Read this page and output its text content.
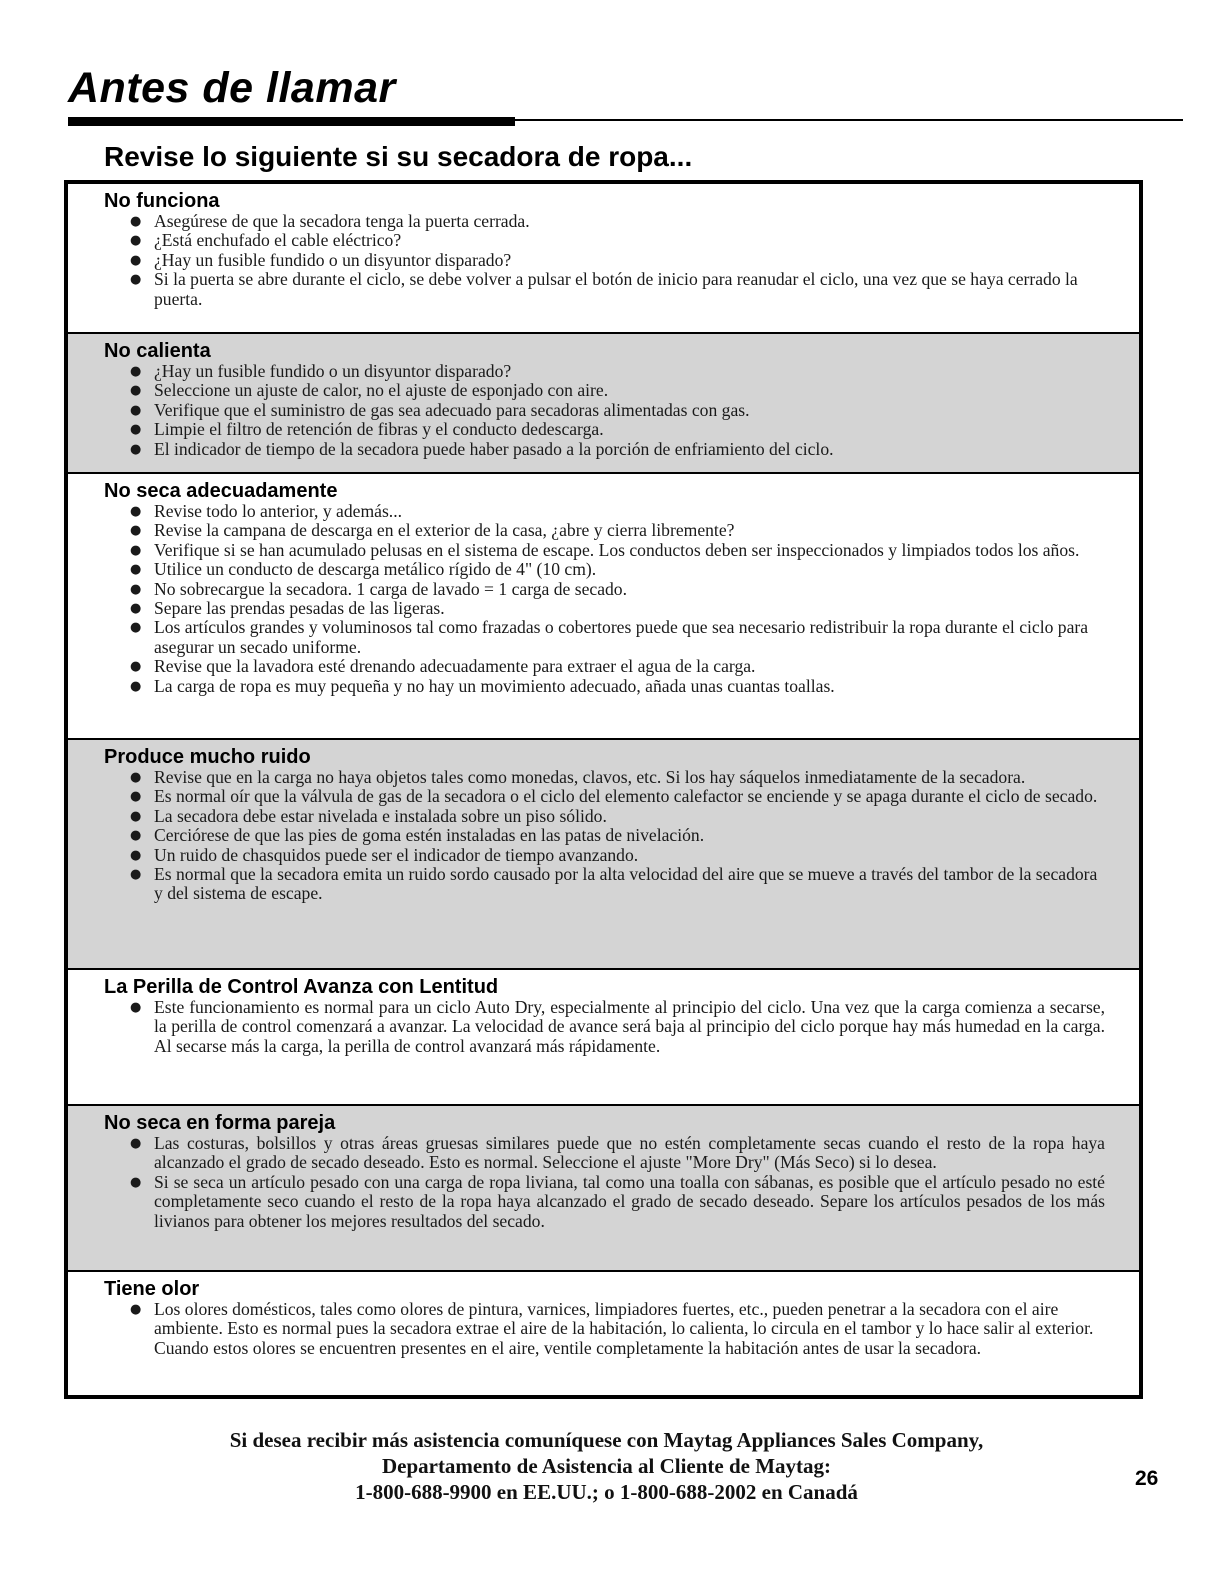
Antes de llamar
Revise lo siguiente si su secadora de ropa...
No funciona
● Asegúrese de que la secadora tenga la puerta cerrada.
● ¿Está enchufado el cable eléctrico?
● ¿Hay un fusible fundido o un disyuntor disparado?
● Si la puerta se abre durante el ciclo, se debe volver a pulsar el botón de inicio para reanudar el ciclo, una vez que se haya cerrado la puerta.
No calienta
● ¿Hay un fusible fundido o un disyuntor disparado?
● Seleccione un ajuste de calor, no el ajuste de esponjado con aire.
● Verifique que el suministro de gas sea adecuado para secadoras alimentadas con gas.
● Limpie el filtro de retención de fibras y el conducto dedescarga.
● El indicador de tiempo de la secadora puede haber pasado a la porción de enfriamiento del ciclo.
No seca adecuadamente
● Revise todo lo anterior, y además...
● Revise la campana de descarga en el exterior de la casa, ¿abre y cierra libremente?
● Verifique si se han acumulado pelusas en el sistema de escape. Los conductos deben ser inspeccionados y limpiados todos los años.
● Utilice un conducto de descarga metálico rígido de 4" (10 cm).
● No sobrecargue la secadora. 1 carga de lavado = 1 carga de secado.
● Separe las prendas pesadas de las ligeras.
● Los artículos grandes y voluminosos tal como frazadas o cobertores puede que sea necesario redistribuir la ropa durante el ciclo para asegurar un secado uniforme.
● Revise que la lavadora esté drenando adecuadamente para extraer el agua de la carga.
● La carga de ropa es muy pequeña y no hay un movimiento adecuado, añada unas cuantas toallas.
Produce mucho ruido
● Revise que en la carga no haya objetos tales como monedas, clavos, etc. Si los hay sáquelos inmediatamente de la secadora.
● Es normal oír que la válvula de gas de la secadora o el ciclo del elemento calefactor se enciende y se apaga durante el ciclo de secado.
● La secadora debe estar nivelada e instalada sobre un piso sólido.
● Cerciórese de que las pies de goma estén instaladas en las patas de nivelación.
● Un ruido de chasquidos puede ser el indicador de tiempo avanzando.
● Es normal que la secadora emita un ruido sordo causado por la alta velocidad del aire que se mueve a través del tambor de la secadora y del sistema de escape.
La Perilla de Control Avanza con Lentitud
● Este funcionamiento es normal para un ciclo Auto Dry, especialmente al principio del ciclo. Una vez que la carga comienza a secarse, la perilla de control comenzará a avanzar. La velocidad de avance será baja al principio del ciclo porque hay más humedad en la carga. Al secarse más la carga, la perilla de control avanzará más rápidamente.
No seca en forma pareja
● Las costuras, bolsillos y otras áreas gruesas similares puede que no estén completamente secas cuando el resto de la ropa haya alcanzado el grado de secado deseado. Esto es normal. Seleccione el ajuste "More Dry" (Más Seco) si lo desea.
● Si se seca un artículo pesado con una carga de ropa liviana, tal como una toalla con sábanas, es posible que el artículo pesado no esté completamente seco cuando el resto de la ropa haya alcanzado el grado de secado deseado. Separe los artículos pesados de los más livianos para obtener los mejores resultados del secado.
Tiene olor
● Los olores domésticos, tales como olores de pintura, varnices, limpiadores fuertes, etc., pueden penetrar a la secadora con el aire ambiente. Esto es normal pues la secadora extrae el aire de la habitación, lo calienta, lo circula en el tambor y lo hace salir al exterior. Cuando estos olores se encuentren presentes en el aire, ventile completamente la habitación antes de usar la secadora.
Si desea recibir más asistencia comuníquese con Maytag Appliances Sales Company,
Departamento de Asistencia al Cliente de Maytag:
1-800-688-9900 en EE.UU.; o 1-800-688-2002 en Canadá
26
